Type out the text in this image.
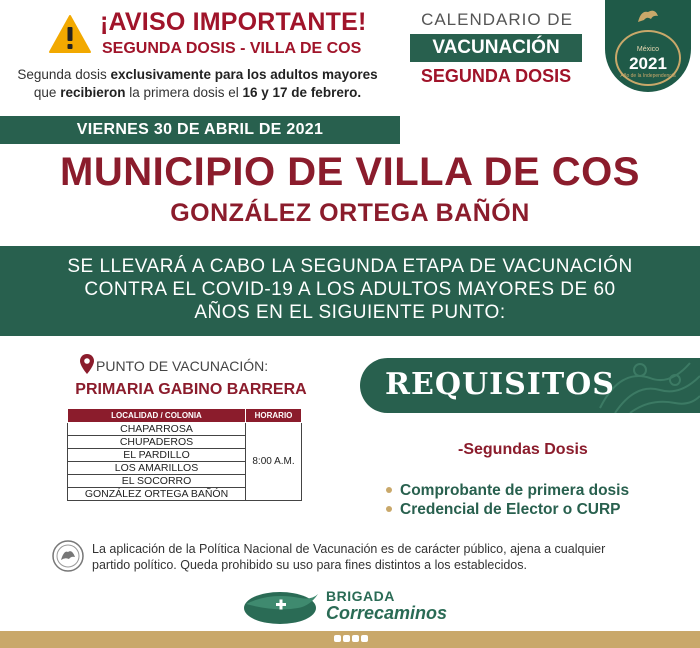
¡AVISO IMPORTANTE!
SEGUNDA DOSIS - VILLA DE COS
Segunda dosis exclusivamente para los adultos mayores
que recibieron la primera dosis el 16 y 17 de febrero.
CALENDARIO DE
VACUNACIÓN
SEGUNDA DOSIS
México
2021
Año de la Independencia
VIERNES 30 DE ABRIL DE 2021
MUNICIPIO DE VILLA DE COS
GONZÁLEZ ORTEGA BAÑÓN
SE LLEVARÁ A CABO LA SEGUNDA ETAPA DE VACUNACIÓN
CONTRA EL COVID-19 A LOS ADULTOS MAYORES DE 60
AÑOS EN EL SIGUIENTE PUNTO:
PUNTO DE VACUNACIÓN:
PRIMARIA GABINO BARRERA
LOCALIDAD / COLONIA	HORARIO
CHAPARROSA	8:00 A.M.
CHUPADEROS	
EL PARDILLO	
LOS AMARILLOS	
EL SOCORRO	
GONZÁLEZ ORTEGA BAÑÓN	
REQUISITOS
-Segundas Dosis
Comprobante de primera dosis
Credencial de Elector o CURP
La aplicación de la Política Nacional de Vacunación es de carácter público, ajena a cualquier
partido político. Queda prohibido su uso para fines distintos a los establecidos.
BRIGADA
Correcaminos
